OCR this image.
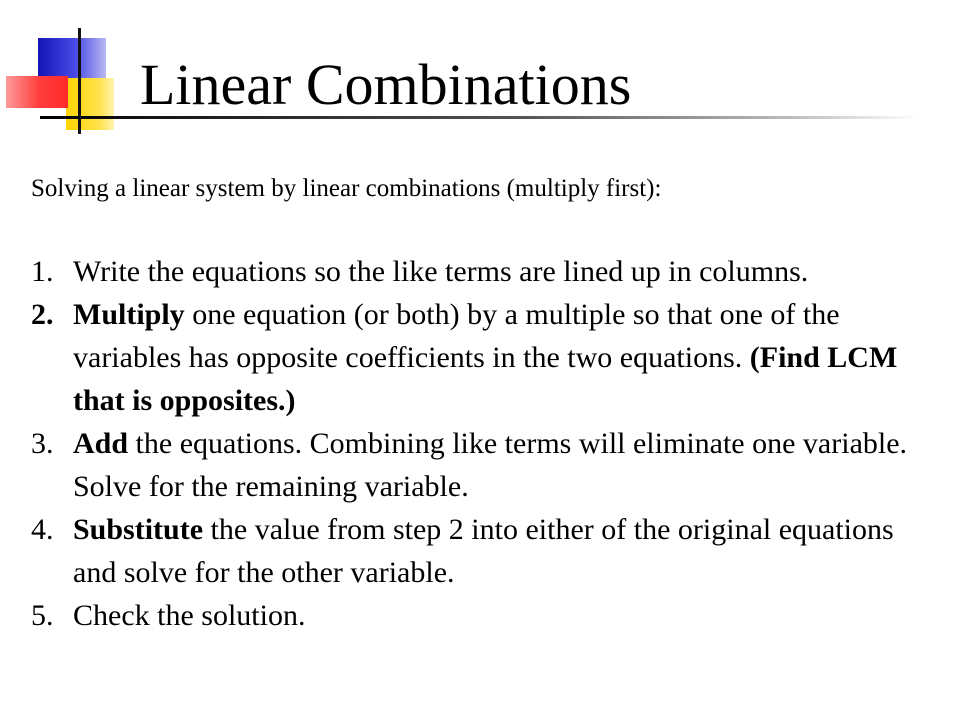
Linear Combinations

Solving a linear system by linear combinations (multiply first):

1. Write the equations so the like terms are lined up in columns.
2. Multiply one equation (or both) by a multiple so that one of the variables has opposite coefficients in the two equations. (Find LCM that is opposites.)
3. Add the equations. Combining like terms will eliminate one variable. Solve for the remaining variable.
4. Substitute the value from step 2 into either of the original equations and solve for the other variable.
5. Check the solution.
